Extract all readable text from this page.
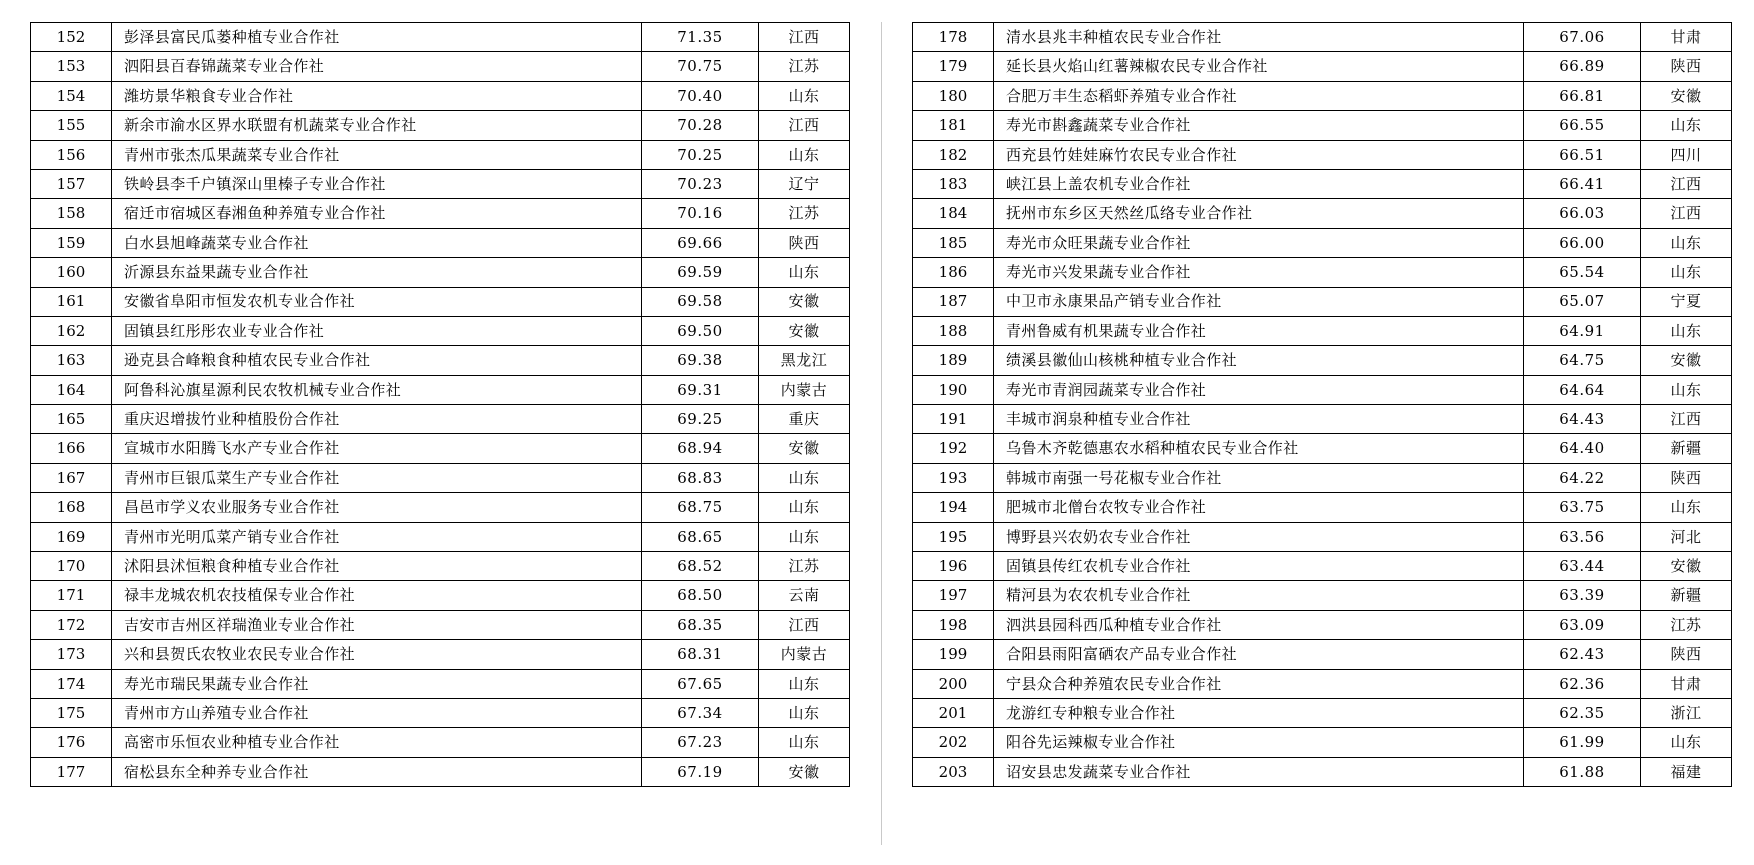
152	彭泽县富民瓜蒌种植专业合作社	71.35	江西
153	泗阳县百春锦蔬菜专业合作社	70.75	江苏
154	潍坊景华粮食专业合作社	70.40	山东
155	新余市渝水区界水联盟有机蔬菜专业合作社	70.28	江西
156	青州市张杰瓜果蔬菜专业合作社	70.25	山东
157	铁岭县李千户镇深山里榛子专业合作社	70.23	辽宁
158	宿迁市宿城区春湘鱼种养殖专业合作社	70.16	江苏
159	白水县旭峰蔬菜专业合作社	69.66	陕西
160	沂源县东益果蔬专业合作社	69.59	山东
161	安徽省阜阳市恒发农机专业合作社	69.58	安徽
162	固镇县红彤彤农业专业合作社	69.50	安徽
163	逊克县合峰粮食种植农民专业合作社	69.38	黑龙江
164	阿鲁科沁旗星源利民农牧机械专业合作社	69.31	内蒙古
165	重庆迟增拔竹业种植股份合作社	69.25	重庆
166	宣城市水阳腾飞水产专业合作社	68.94	安徽
167	青州市巨银瓜菜生产专业合作社	68.83	山东
168	昌邑市学义农业服务专业合作社	68.75	山东
169	青州市光明瓜菜产销专业合作社	68.65	山东
170	沭阳县沭恒粮食种植专业合作社	68.52	江苏
171	禄丰龙城农机农技植保专业合作社	68.50	云南
172	吉安市吉州区祥瑞渔业专业合作社	68.35	江西
173	兴和县贺氏农牧业农民专业合作社	68.31	内蒙古
174	寿光市瑞民果蔬专业合作社	67.65	山东
175	青州市方山养殖专业合作社	67.34	山东
176	高密市乐恒农业种植专业合作社	67.23	山东
177	宿松县东全种养专业合作社	67.19	安徽
178	清水县兆丰种植农民专业合作社	67.06	甘肃
179	延长县火焰山红薯辣椒农民专业合作社	66.89	陕西
180	合肥万丰生态稻虾养殖专业合作社	66.81	安徽
181	寿光市斟鑫蔬菜专业合作社	66.55	山东
182	西充县竹娃娃麻竹农民专业合作社	66.51	四川
183	峡江县上盖农机专业合作社	66.41	江西
184	抚州市东乡区天然丝瓜络专业合作社	66.03	江西
185	寿光市众旺果蔬专业合作社	66.00	山东
186	寿光市兴发果蔬专业合作社	65.54	山东
187	中卫市永康果品产销专业合作社	65.07	宁夏
188	青州鲁威有机果蔬专业合作社	64.91	山东
189	绩溪县徽仙山核桃种植专业合作社	64.75	安徽
190	寿光市青润园蔬菜专业合作社	64.64	山东
191	丰城市润泉种植专业合作社	64.43	江西
192	乌鲁木齐乾德惠农水稻种植农民专业合作社	64.40	新疆
193	韩城市南强一号花椒专业合作社	64.22	陕西
194	肥城市北僧台农牧专业合作社	63.75	山东
195	博野县兴农奶农专业合作社	63.56	河北
196	固镇县传红农机专业合作社	63.44	安徽
197	精河县为农农机专业合作社	63.39	新疆
198	泗洪县园科西瓜种植专业合作社	63.09	江苏
199	合阳县雨阳富硒农产品专业合作社	62.43	陕西
200	宁县众合种养殖农民专业合作社	62.36	甘肃
201	龙游红专种粮专业合作社	62.35	浙江
202	阳谷先运辣椒专业合作社	61.99	山东
203	诏安县忠发蔬菜专业合作社	61.88	福建
